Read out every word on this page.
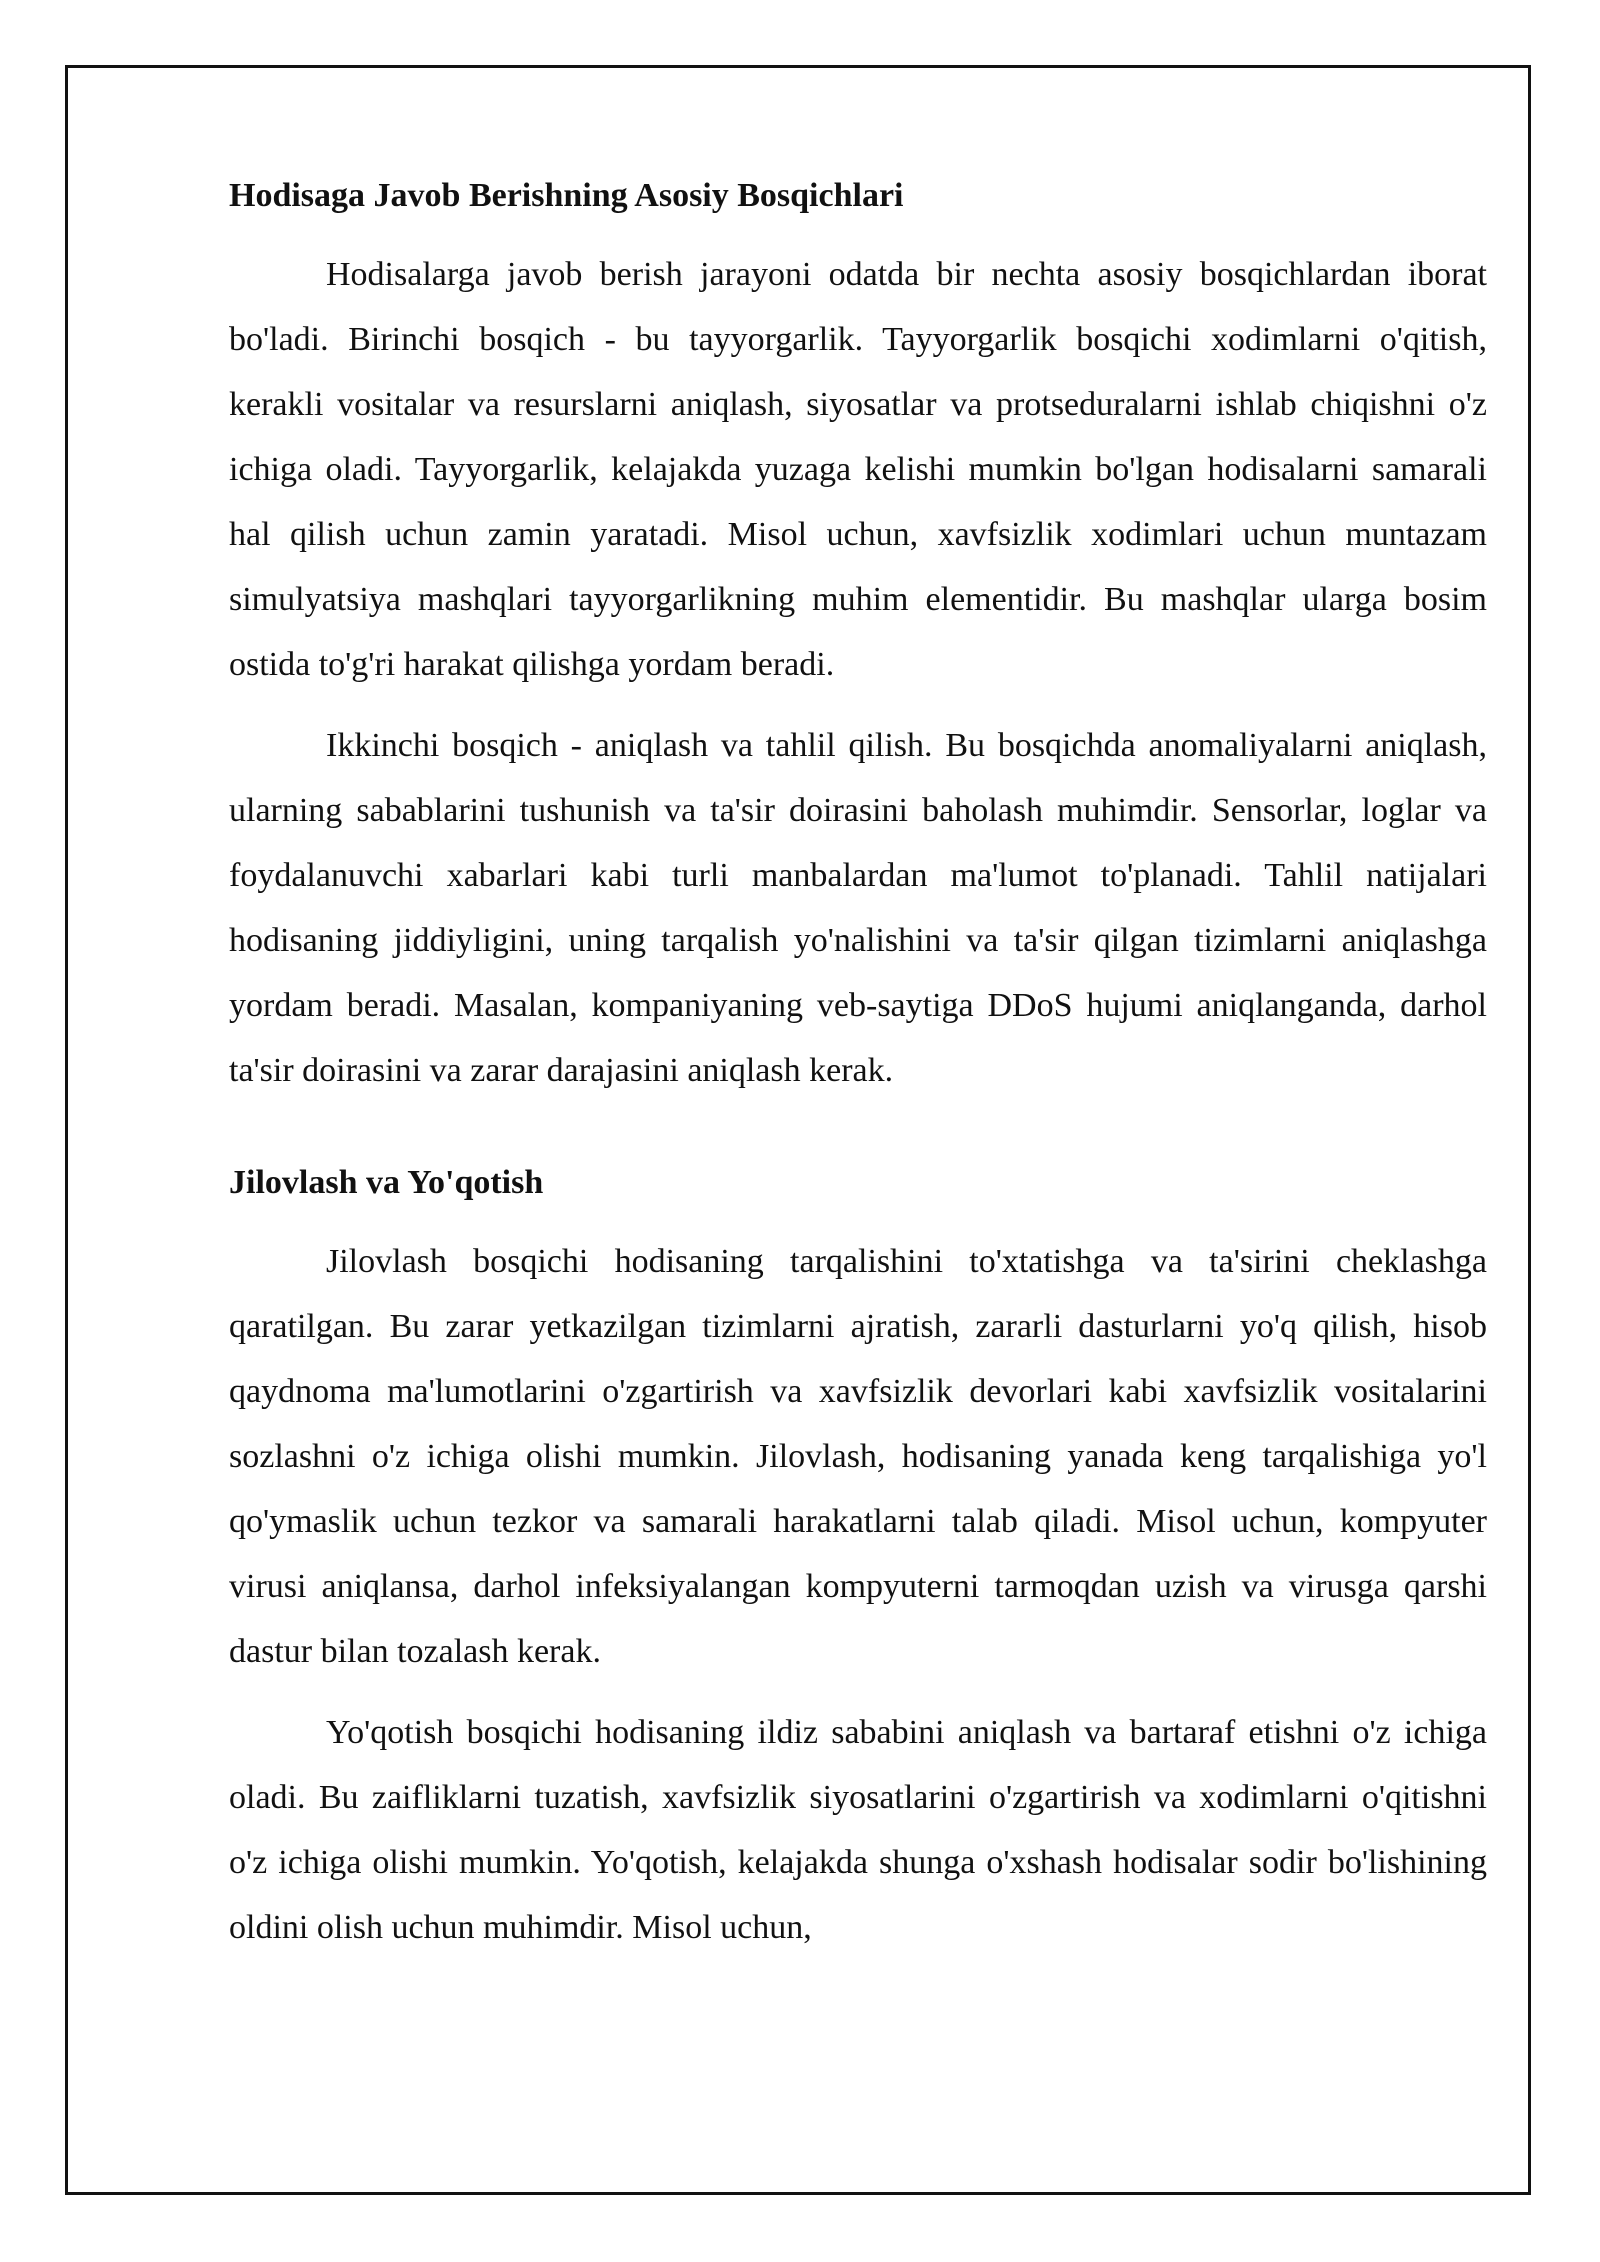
Hodisaga Javob Berishning Asosiy Bosqichlari

Hodisalarga javob berish jarayoni odatda bir nechta asosiy bosqichlardan iborat bo'ladi. Birinchi bosqich - bu tayyorgarlik. Tayyorgarlik bosqichi xodimlarni o'qitish, kerakli vositalar va resurslarni aniqlash, siyosatlar va protseduralarni ishlab chiqishni o'z ichiga oladi. Tayyorgarlik, kelajakda yuzaga kelishi mumkin bo'lgan hodisalarni samarali hal qilish uchun zamin yaratadi. Misol uchun, xavfsizlik xodimlari uchun muntazam simulyatsiya mashqlari tayyorgarlikning muhim elementidir. Bu mashqlar ularga bosim ostida to'g'ri harakat qilishga yordam beradi.

Ikkinchi bosqich - aniqlash va tahlil qilish. Bu bosqichda anomaliyalarni aniqlash, ularning sabablarini tushunish va ta'sir doirasini baholash muhimdir. Sensorlar, loglar va foydalanuvchi xabarlari kabi turli manbalardan ma'lumot to'planadi. Tahlil natijalari hodisaning jiddiyligini, uning tarqalish yo'nalishini va ta'sir qilgan tizimlarni aniqlashga yordam beradi. Masalan, kompaniyaning veb-saytiga DDoS hujumi aniqlanganda, darhol ta'sir doirasini va zarar darajasini aniqlash kerak.

Jilovlash va Yo'qotish

Jilovlash bosqichi hodisaning tarqalishini to'xtatishga va ta'sirini cheklashga qaratilgan. Bu zarar yetkazilgan tizimlarni ajratish, zararli dasturlarni yo'q qilish, hisob qaydnoma ma'lumotlarini o'zgartirish va xavfsizlik devorlari kabi xavfsizlik vositalarini sozlashni o'z ichiga olishi mumkin. Jilovlash, hodisaning yanada keng tarqalishiga yo'l qo'ymaslik uchun tezkor va samarali harakatlarni talab qiladi. Misol uchun, kompyuter virusi aniqlansa, darhol infeksiyalangan kompyuterni tarmoqdan uzish va virusga qarshi dastur bilan tozalash kerak.

Yo'qotish bosqichi hodisaning ildiz sababini aniqlash va bartaraf etishni o'z ichiga oladi. Bu zaifliklarni tuzatish, xavfsizlik siyosatlarini o'zgartirish va xodimlarni o'qitishni o'z ichiga olishi mumkin. Yo'qotish, kelajakda shunga o'xshash hodisalar sodir bo'lishining oldini olish uchun muhimdir. Misol uchun,
